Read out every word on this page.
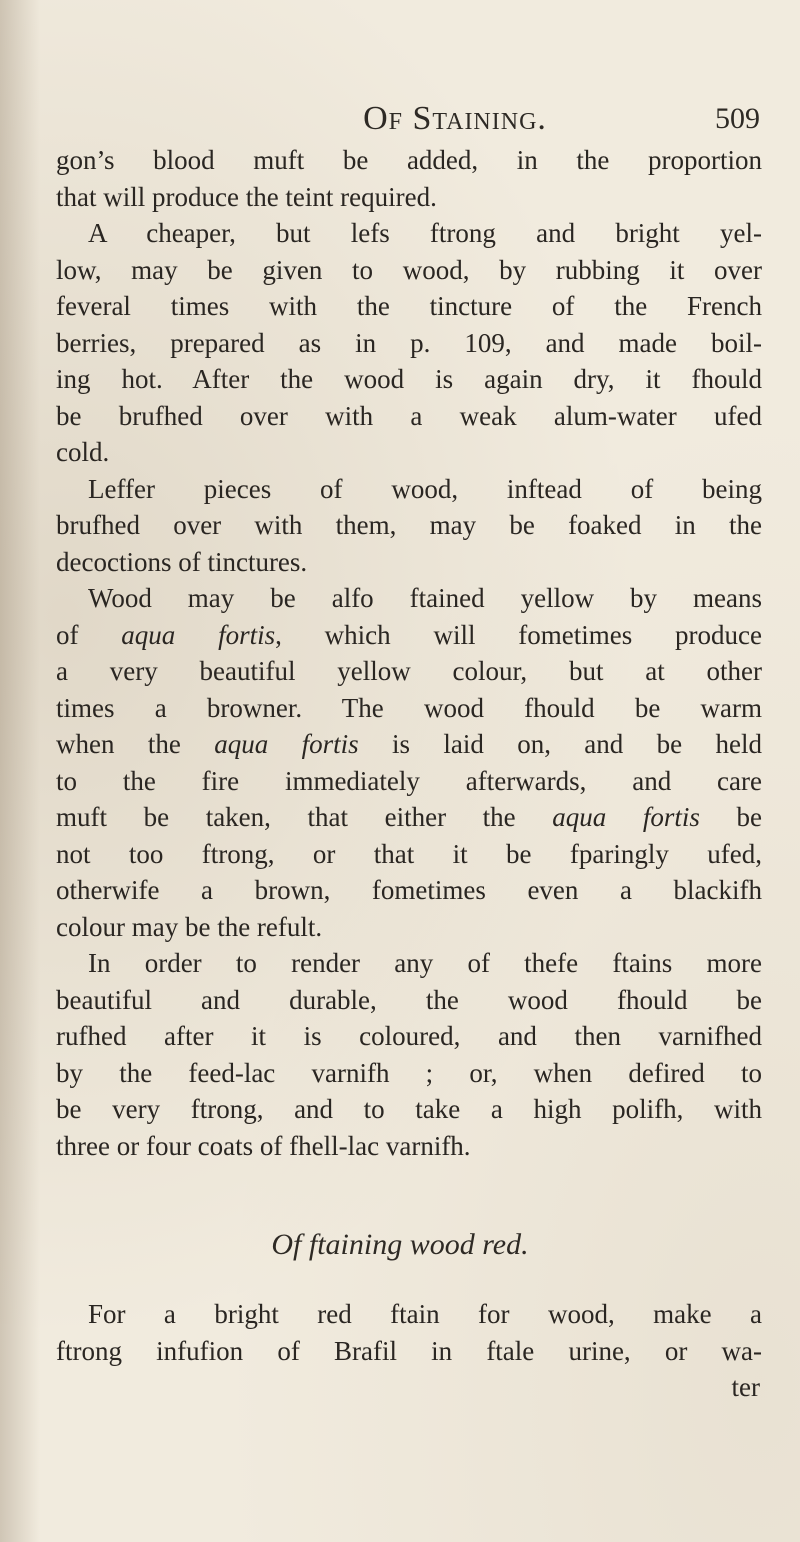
Of Staining.	509
gon’s blood muft be added, in the proportion
that will produce the teint required.
A cheaper, but lefs ftrong and bright yel-
low, may be given to wood, by rubbing it over
feveral times with the tincture of the French
berries, prepared as in p. 109, and made boil-
ing hot. After the wood is again dry, it fhould
be brufhed over with a weak alum-water ufed
cold.
Leffer pieces of wood, inftead of being
brufhed over with them, may be foaked in the
decoctions of tinctures.
Wood may be alfo ftained yellow by means
of aqua fortis, which will fometimes produce
a very beautiful yellow colour, but at other
times a browner. The wood fhould be warm
when the aqua fortis is laid on, and be held
to the fire immediately afterwards, and care
muft be taken, that either the aqua fortis be
not too ftrong, or that it be fparingly ufed,
otherwife a brown, fometimes even a blackifh
colour may be the refult.
In order to render any of thefe ftains more
beautiful and durable, the wood fhould be
rufhed after it is coloured, and then varnifhed
by the feed-lac varnifh ; or, when defired to
be very ftrong, and to take a high polifh, with
three or four coats of fhell-lac varnifh.
Of ftaining wood red.
For a bright red ftain for wood, make a
ftrong infufion of Brafil in ftale urine, or wa-
ter
